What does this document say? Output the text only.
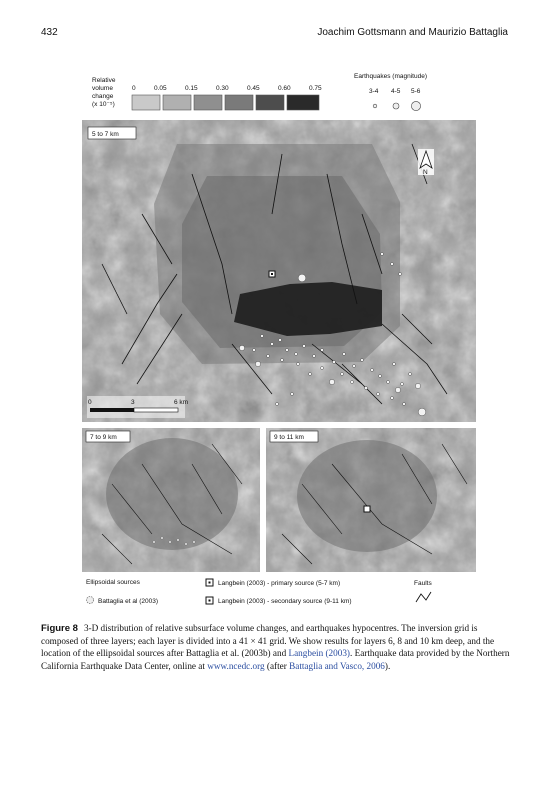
432	Joachim Gottsmann and Maurizio Battaglia
Relative
volume
change
(x 10⁻⁵)
0	0.05	0.15	0.30	0.45	0.60	0.75
Earthquakes (magnitude)
3-4 4-5 5-6
5 to 7 km
N
0	3	6 km
7 to 9 km	9 to 11 km
Ellipsoidal sources
Battaglia et al (2003)
Langbein (2003) - primary source (5-7 km)
Langbein (2003) - secondary source (9-11 km)
Faults
Figure 8 3-D distribution of relative subsurface volume changes, and earthquakes hypocentres. The inversion grid is composed of three layers; each layer is divided into a 41 × 41 grid. We show results for layers 6, 8 and 10 km deep, and the location of the ellipsoidal sources after Battaglia et al. (2003b) and Langbein (2003). Earthquake data provided by the Northern California Earthquake Data Center, online at www.ncedc.org (after Battaglia and Vasco, 2006).
